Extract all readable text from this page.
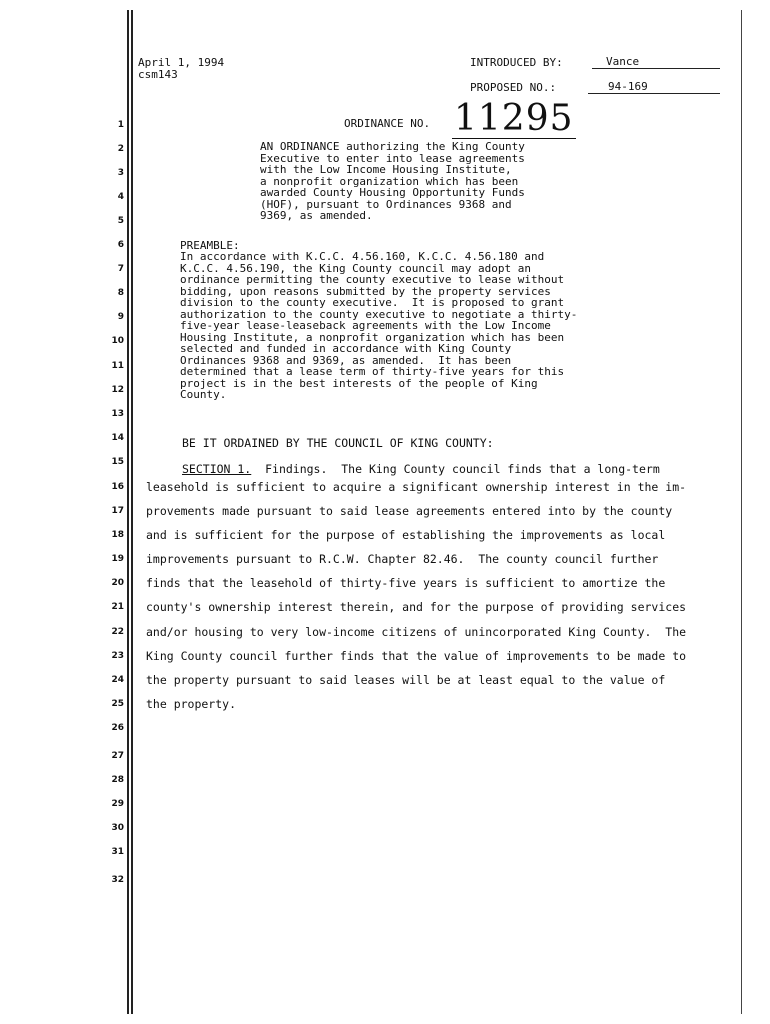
1
2
3
4
5
6
7
8
9
10
11
12
13
14
15
16
17
18
19
20
21
22
23
24
25
26
27
28
29
30
31
32
April 1, 1994
csm143
INTRODUCED BY:	Vance
PROPOSED NO.:	94-169
ORDINANCE NO. 11295
AN ORDINANCE authorizing the King County
Executive to enter into lease agreements
with the Low Income Housing Institute,
a nonprofit organization which has been
awarded County Housing Opportunity Funds
(HOF), pursuant to Ordinances 9368 and
9369, as amended.
PREAMBLE:
In accordance with K.C.C. 4.56.160, K.C.C. 4.56.180 and
K.C.C. 4.56.190, the King County council may adopt an
ordinance permitting the county executive to lease without
bidding, upon reasons submitted by the property services
division to the county executive.  It is proposed to grant
authorization to the county executive to negotiate a thirty-
five-year lease-leaseback agreements with the Low Income
Housing Institute, a nonprofit organization which has been
selected and funded in accordance with King County
Ordinances 9368 and 9369, as amended.  It has been
determined that a lease term of thirty-five years for this
project is in the best interests of the people of King
County.
BE IT ORDAINED BY THE COUNCIL OF KING COUNTY:
SECTION 1.  Findings.  The King County council finds that a long-term
leasehold is sufficient to acquire a significant ownership interest in the im-
provements made pursuant to said lease agreements entered into by the county
and is sufficient for the purpose of establishing the improvements as local
improvements pursuant to R.C.W. Chapter 82.46.  The county council further
finds that the leasehold of thirty-five years is sufficient to amortize the
county's ownership interest therein, and for the purpose of providing services
and/or housing to very low-income citizens of unincorporated King County.  The
King County council further finds that the value of improvements to be made to
the property pursuant to said leases will be at least equal to the value of
the property.
